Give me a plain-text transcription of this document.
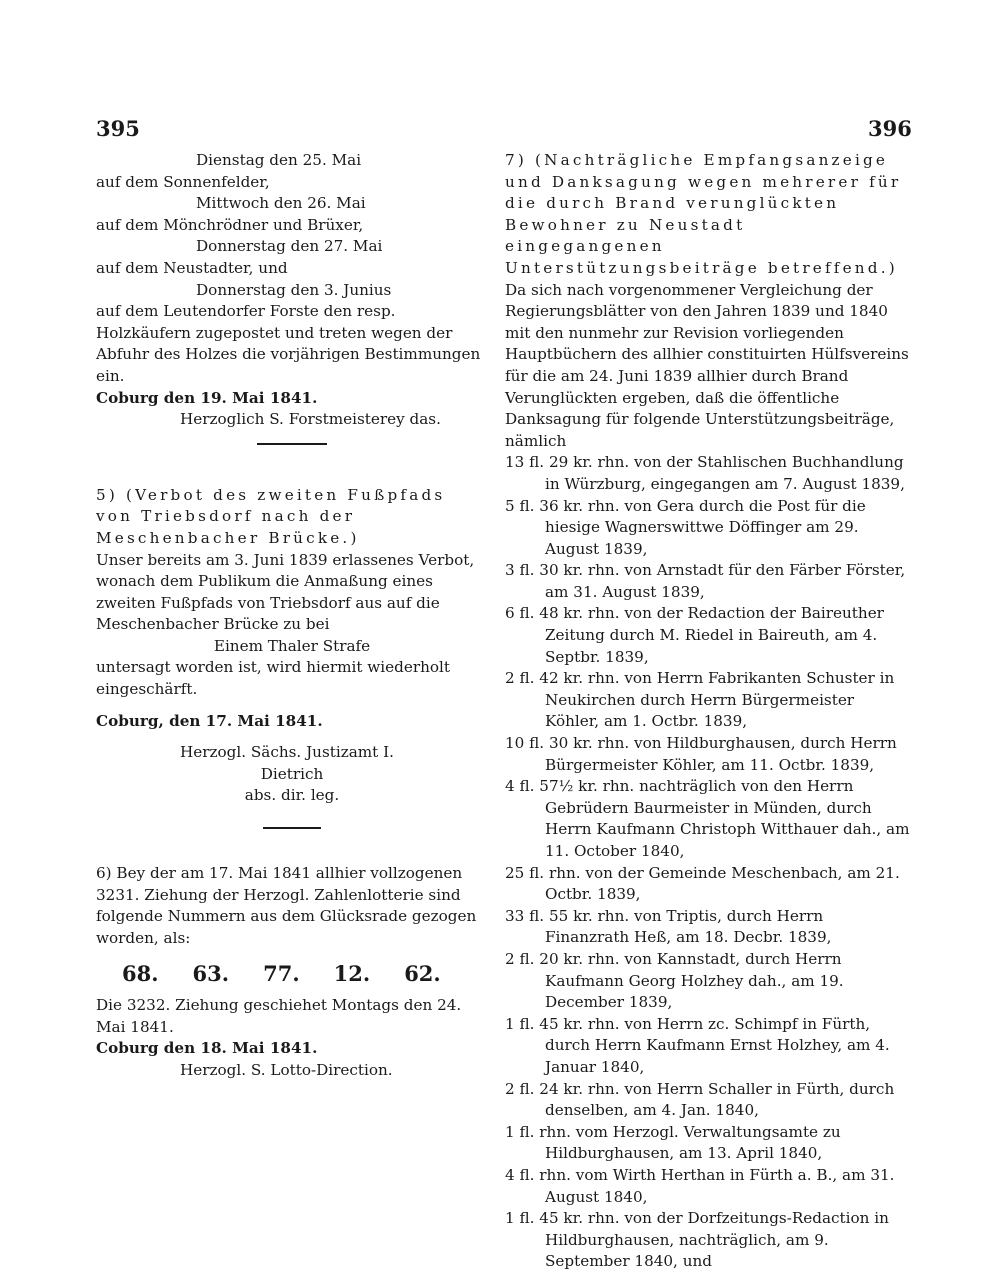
395	396

Dienstag den 25. Mai

auf dem Sonnenfelder,

Mittwoch den 26. Mai

auf dem Mönchrödner und Brüxer,

Donnerstag den 27. Mai

auf dem Neustadter, und

Donnerstag den 3. Junius

auf dem Leutendorfer Forste den resp. Holzkäufern zugepostet und treten wegen der Abfuhr des Holzes die vorjährigen Bestimmungen ein.

Coburg den 19. Mai 1841.

Herzoglich S. Forstmeisterey das.

5) (Verbot des zweiten Fußpfads von Triebsdorf nach der Meschenbacher Brücke.)

Unser bereits am 3. Juni 1839 erlassenes Verbot, wonach dem Publikum die Anmaßung eines zweiten Fußpfads von Triebsdorf aus auf die Meschenbacher Brücke zu bei

Einem Thaler Strafe

untersagt worden ist, wird hiermit wiederholt eingeschärft.

Coburg, den 17. Mai 1841.

Herzogl. Sächs. Justizamt I.

Dietrich

abs. dir. leg.

6) Bey der am 17. Mai 1841 allhier vollzogenen 3231. Ziehung der Herzogl. Zahlenlotterie sind folgende Nummern aus dem Glücksrade gezogen worden, als:

68. 63. 77. 12. 62.

Die 3232. Ziehung geschiehet Montags den 24. Mai 1841.

Coburg den 18. Mai 1841.

Herzogl. S. Lotto-Direction.

7) (Nachträgliche Empfangsanzeige und Danksagung wegen mehrerer für die durch Brand verunglückten Bewohner zu Neustadt eingegangenen Unterstützungsbeiträge betreffend.)

Da sich nach vorgenommener Vergleichung der Regierungsblätter von den Jahren 1839 und 1840 mit den nunmehr zur Revision vorliegenden Hauptbüchern des allhier constituirten Hülfsvereins für die am 24. Juni 1839 allhier durch Brand Verunglückten ergeben, daß die öffentliche Danksagung für folgende Unterstützungsbeiträge, nämlich

13 fl. 29 kr. rhn. von der Stahlischen Buchhandlung in Würzburg, eingegangen am 7. August 1839,

5 fl. 36 kr. rhn. von Gera durch die Post für die hiesige Wagnerswittwe Döffinger am 29. August 1839,

3 fl. 30 kr. rhn. von Arnstadt für den Färber Förster, am 31. August 1839,

6 fl. 48 kr. rhn. von der Redaction der Baireuther Zeitung durch M. Riedel in Baireuth, am 4. Septbr. 1839,

2 fl. 42 kr. rhn. von Herrn Fabrikanten Schuster in Neukirchen durch Herrn Bürgermeister Köhler, am 1. Octbr. 1839,

10 fl. 30 kr. rhn. von Hildburghausen, durch Herrn Bürgermeister Köhler, am 11. Octbr. 1839,

4 fl. 57½ kr. rhn. nachträglich von den Herrn Gebrüdern Baurmeister in Münden, durch Herrn Kaufmann Christoph Witthauer dah., am 11. October 1840,

25 fl. rhn. von der Gemeinde Meschenbach, am 21. Octbr. 1839,

33 fl. 55 kr. rhn. von Triptis, durch Herrn Finanzrath Heß, am 18. Decbr. 1839,

2 fl. 20 kr. rhn. von Kannstadt, durch Herrn Kaufmann Georg Holzhey dah., am 19. December 1839,

1 fl. 45 kr. rhn. von Herrn zc. Schimpf in Fürth, durch Herrn Kaufmann Ernst Holzhey, am 4. Januar 1840,

2 fl. 24 kr. rhn. von Herrn Schaller in Fürth, durch denselben, am 4. Jan. 1840,

1 fl. rhn. vom Herzogl. Verwaltungsamte zu Hildburghausen, am 13. April 1840,

4 fl. rhn. vom Wirth Herthan in Fürth a. B., am 31. August 1840,

1 fl. 45 kr. rhn. von der Dorfzeitungs-Redaction in Hildburghausen, nachträglich, am 9. September 1840, und
